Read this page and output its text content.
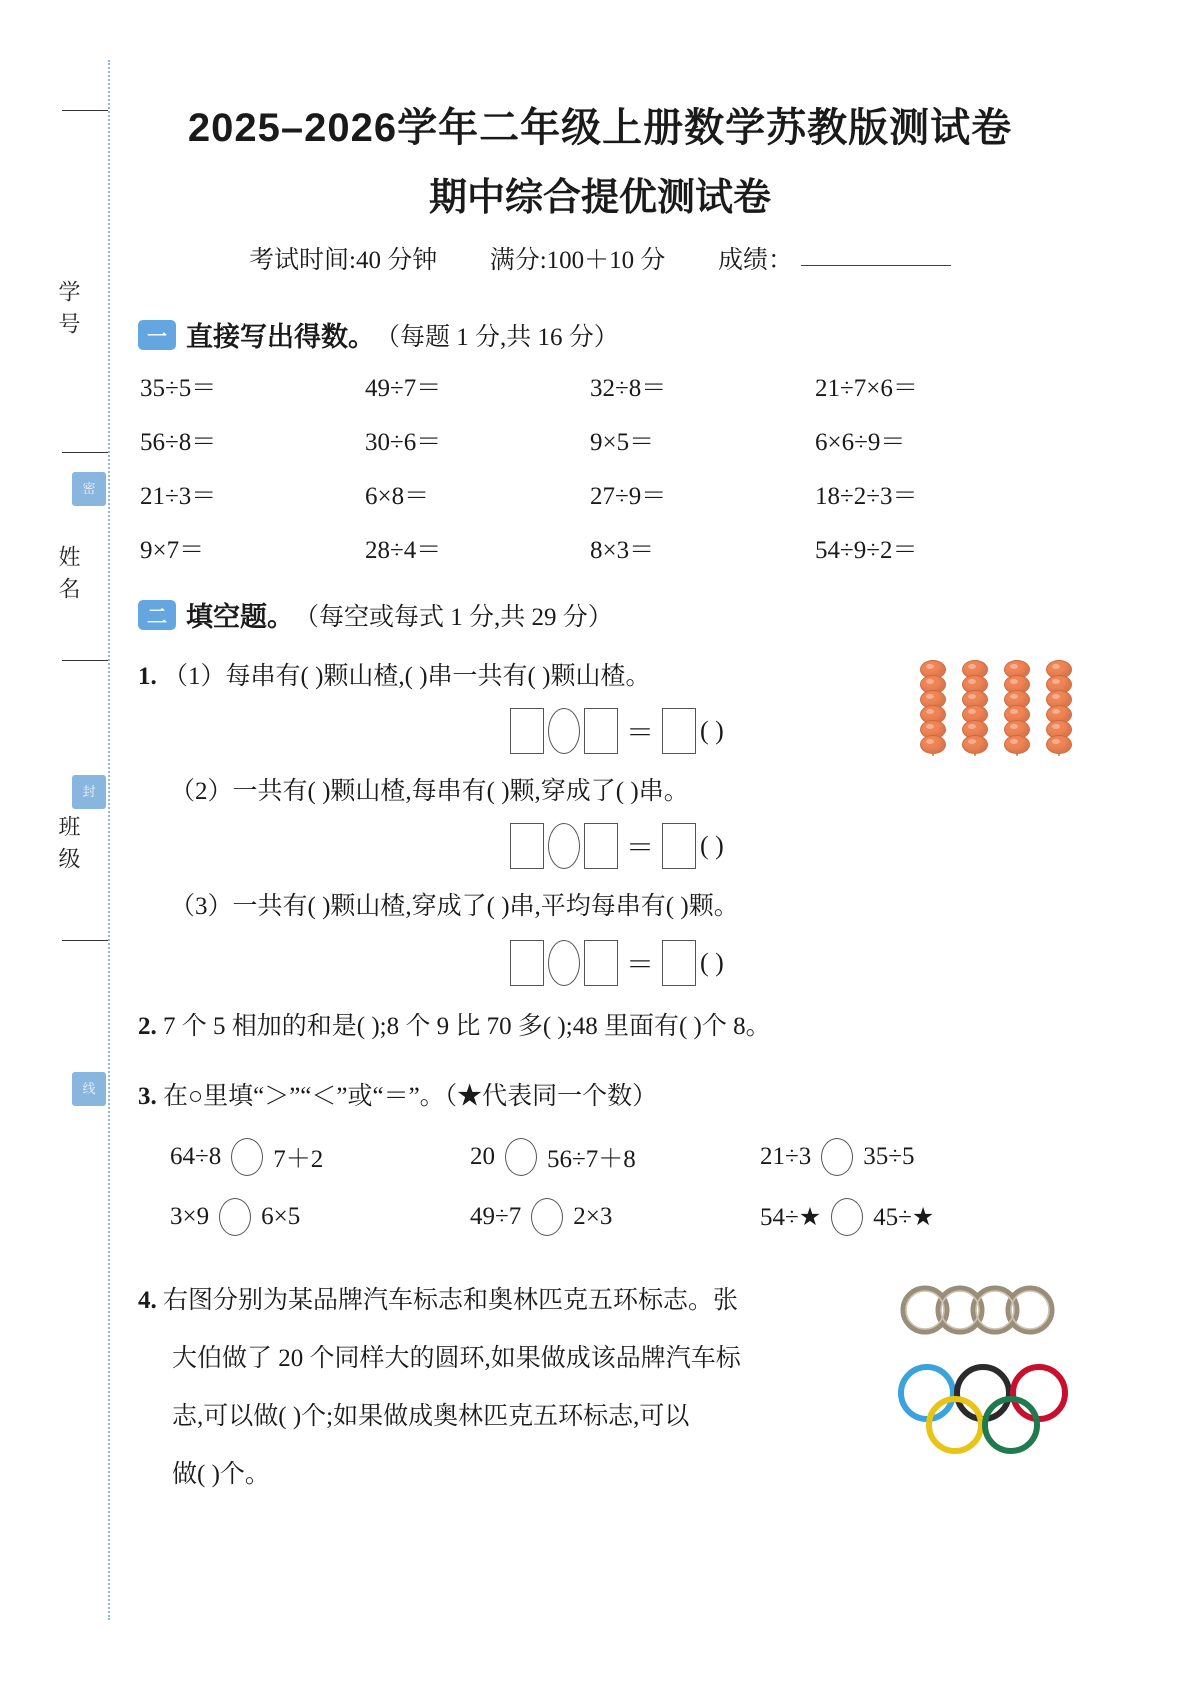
学号
密
姓名
封
班级
线
2025–2026学年二年级上册数学苏教版测试卷
期中综合提优测试卷
考试时间:40 分钟 满分:100＋10 分 成绩：
一 直接写出得数。 （每题 1 分,共 16 分）
35÷5＝	49÷7＝	32÷8＝	21÷7×6＝
56÷8＝	30÷6＝	9×5＝	6×6÷9＝
21÷3＝	6×8＝	27÷9＝	18÷2÷3＝
9×7＝	28÷4＝	8×3＝	54÷9÷2＝
二 填空题。 （每空或每式 1 分,共 29 分）
1. （1）每串有( )颗山楂,( )串一共有( )颗山楂。
＝ ( )
（2）一共有( )颗山楂,每串有( )颗,穿成了( )串。
＝ ( )
（3）一共有( )颗山楂,穿成了( )串,平均每串有( )颗。
＝ ( )
2. 7 个 5 相加的和是( );8 个 9 比 70 多( );48 里面有( )个 8。
3. 在○里填“＞”“＜”或“＝”。（★代表同一个数）
64÷8 7＋2	20 56÷7＋8	21÷3 35÷5
3×9 6×5	49÷7 2×3	54÷★ 45÷★
4. 右图分别为某品牌汽车标志和奥林匹克五环标志。张
大伯做了 20 个同样大的圆环,如果做成该品牌汽车标
志,可以做( )个;如果做成奥林匹克五环标志,可以
做( )个。
